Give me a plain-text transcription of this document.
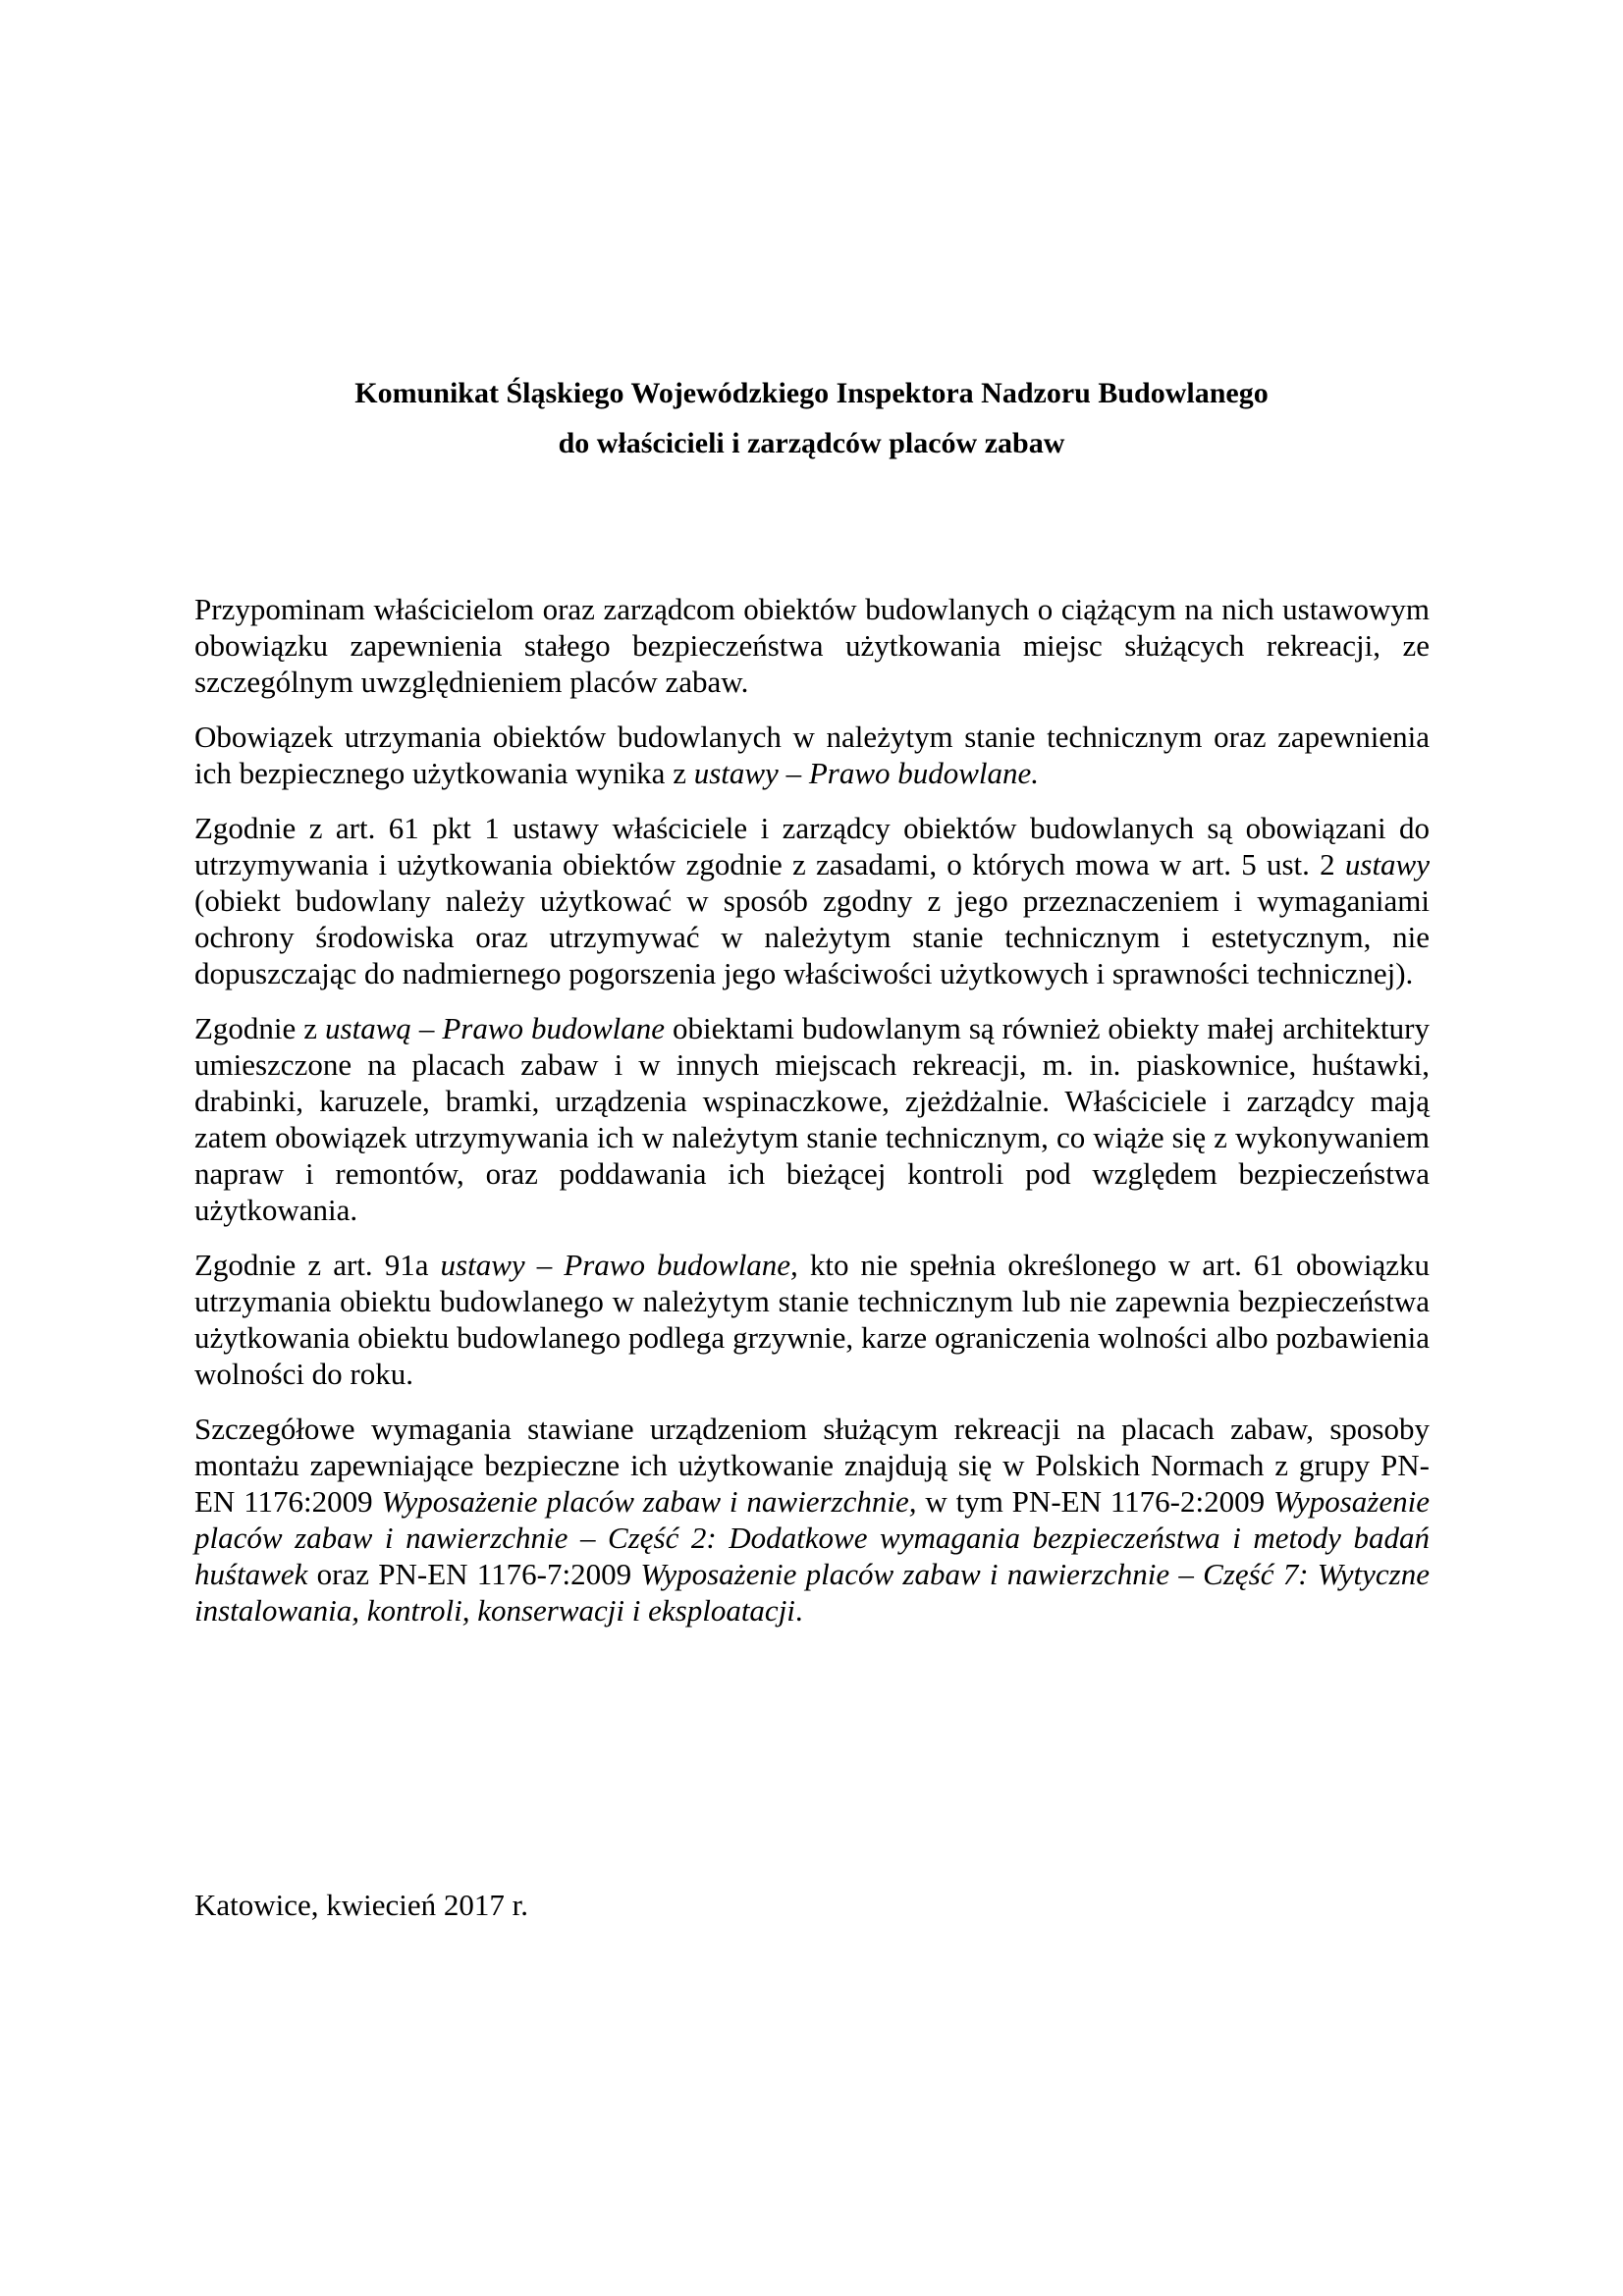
Komunikat Śląskiego Wojewódzkiego Inspektora Nadzoru Budowlanego
do właścicieli i zarządców placów zabaw

Przypominam właścicielom oraz zarządcom obiektów budowlanych o ciążącym na nich ustawowym obowiązku zapewnienia stałego bezpieczeństwa użytkowania miejsc służących rekreacji, ze szczególnym uwzględnieniem placów zabaw.

Obowiązek utrzymania obiektów budowlanych w należytym stanie technicznym oraz zapewnienia ich bezpiecznego użytkowania wynika z ustawy – Prawo budowlane.

Zgodnie z art. 61 pkt 1 ustawy właściciele i zarządcy obiektów budowlanych są obowiązani do utrzymywania i użytkowania obiektów zgodnie z zasadami, o których mowa w art. 5 ust. 2 ustawy (obiekt budowlany należy użytkować w sposób zgodny z jego przeznaczeniem i wymaganiami ochrony środowiska oraz utrzymywać w należytym stanie technicznym i estetycznym, nie dopuszczając do nadmiernego pogorszenia jego właściwości użytkowych i sprawności technicznej).

Zgodnie z ustawą – Prawo budowlane obiektami budowlanym są również obiekty małej architektury umieszczone na placach zabaw i w innych miejscach rekreacji, m. in. piaskownice, huśtawki, drabinki, karuzele, bramki, urządzenia wspinaczkowe, zjeżdżalnie. Właściciele i zarządcy mają zatem obowiązek utrzymywania ich w należytym stanie technicznym, co wiąże się z wykonywaniem napraw i remontów, oraz poddawania ich bieżącej kontroli pod względem bezpieczeństwa użytkowania.

Zgodnie z art. 91a ustawy – Prawo budowlane, kto nie spełnia określonego w art. 61 obowiązku utrzymania obiektu budowlanego w należytym stanie technicznym lub nie zapewnia bezpieczeństwa użytkowania obiektu budowlanego podlega grzywnie, karze ograniczenia wolności albo pozbawienia wolności do roku.

Szczegółowe wymagania stawiane urządzeniom służącym rekreacji na placach zabaw, sposoby montażu zapewniające bezpieczne ich użytkowanie znajdują się w Polskich Normach z grupy PN-EN 1176:2009 Wyposażenie placów zabaw i nawierzchnie, w tym PN-EN 1176-2:2009 Wyposażenie placów zabaw i nawierzchnie – Część 2: Dodatkowe wymagania bezpieczeństwa i metody badań huśtawek oraz PN-EN 1176-7:2009 Wyposażenie placów zabaw i nawierzchnie – Część 7: Wytyczne instalowania, kontroli, konserwacji i eksploatacji.

Katowice, kwiecień 2017 r.
